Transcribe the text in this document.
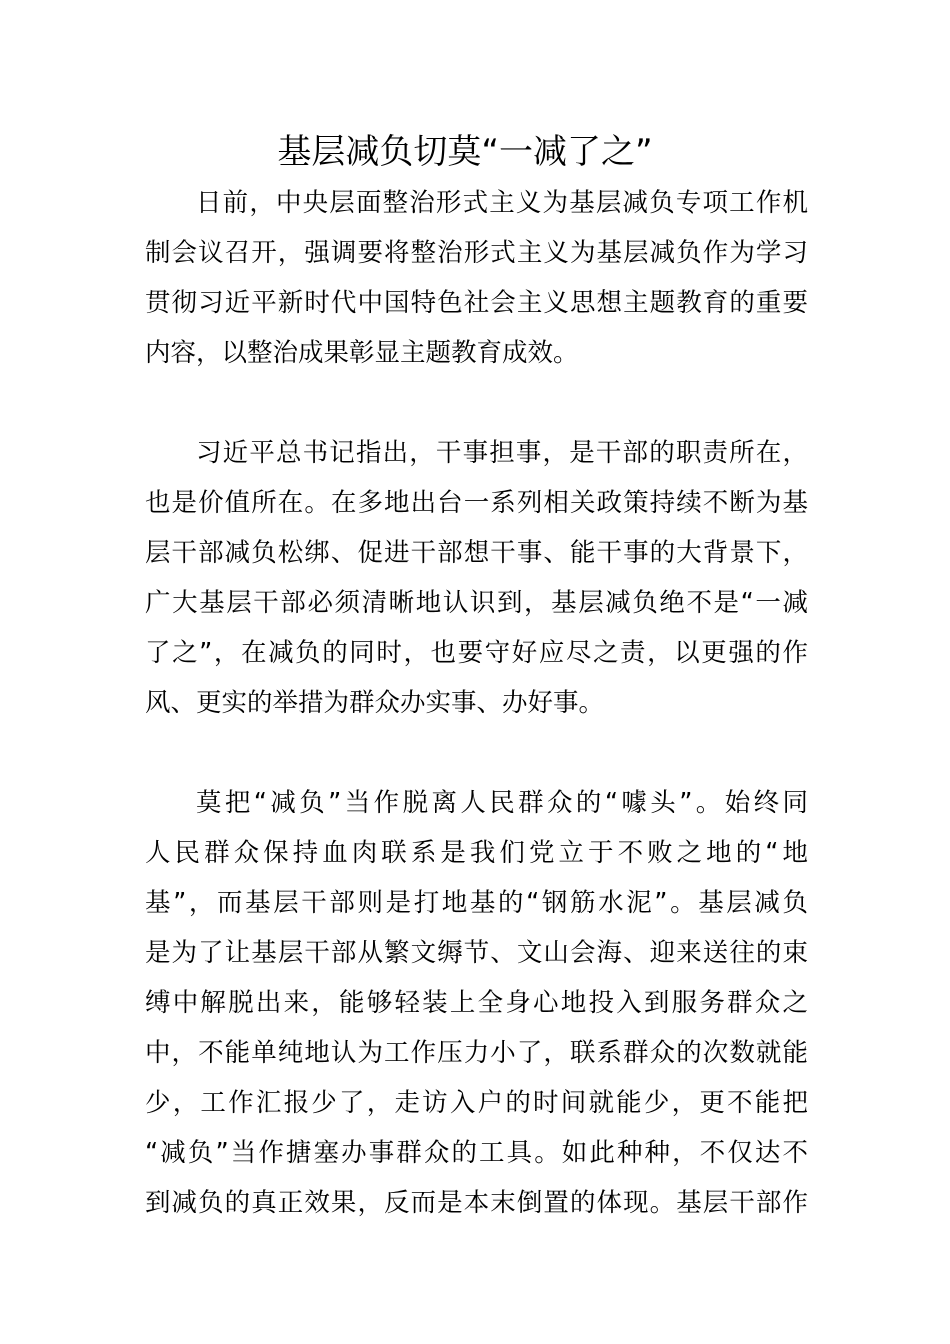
基层减负切莫“一减了之”
日前，中央层面整治形式主义为基层减负专项工作机
制会议召开，强调要将整治形式主义为基层减负作为学习
贯彻习近平新时代中国特色社会主义思想主题教育的重要
内容，以整治成果彰显主题教育成效。
习近平总书记指出，干事担事，是干部的职责所在，
也是价值所在。在多地出台一系列相关政策持续不断为基
层干部减负松绑、促进干部想干事、能干事的大背景下，
广大基层干部必须清晰地认识到，基层减负绝不是“一减
了之”，在减负的同时，也要守好应尽之责，以更强的作
风、更实的举措为群众办实事、办好事。
莫把“减负”当作脱离人民群众的“噱头”。始终同
人民群众保持血肉联系是我们党立于不败之地的“地
基”，而基层干部则是打地基的“钢筋水泥”。基层减负
是为了让基层干部从繁文缛节、文山会海、迎来送往的束
缚中解脱出来，能够轻装上全身心地投入到服务群众之
中，不能单纯地认为工作压力小了，联系群众的次数就能
少，工作汇报少了，走访入户的时间就能少，更不能把
“减负”当作搪塞办事群众的工具。如此种种，不仅达不
到减负的真正效果，反而是本末倒置的体现。基层干部作
